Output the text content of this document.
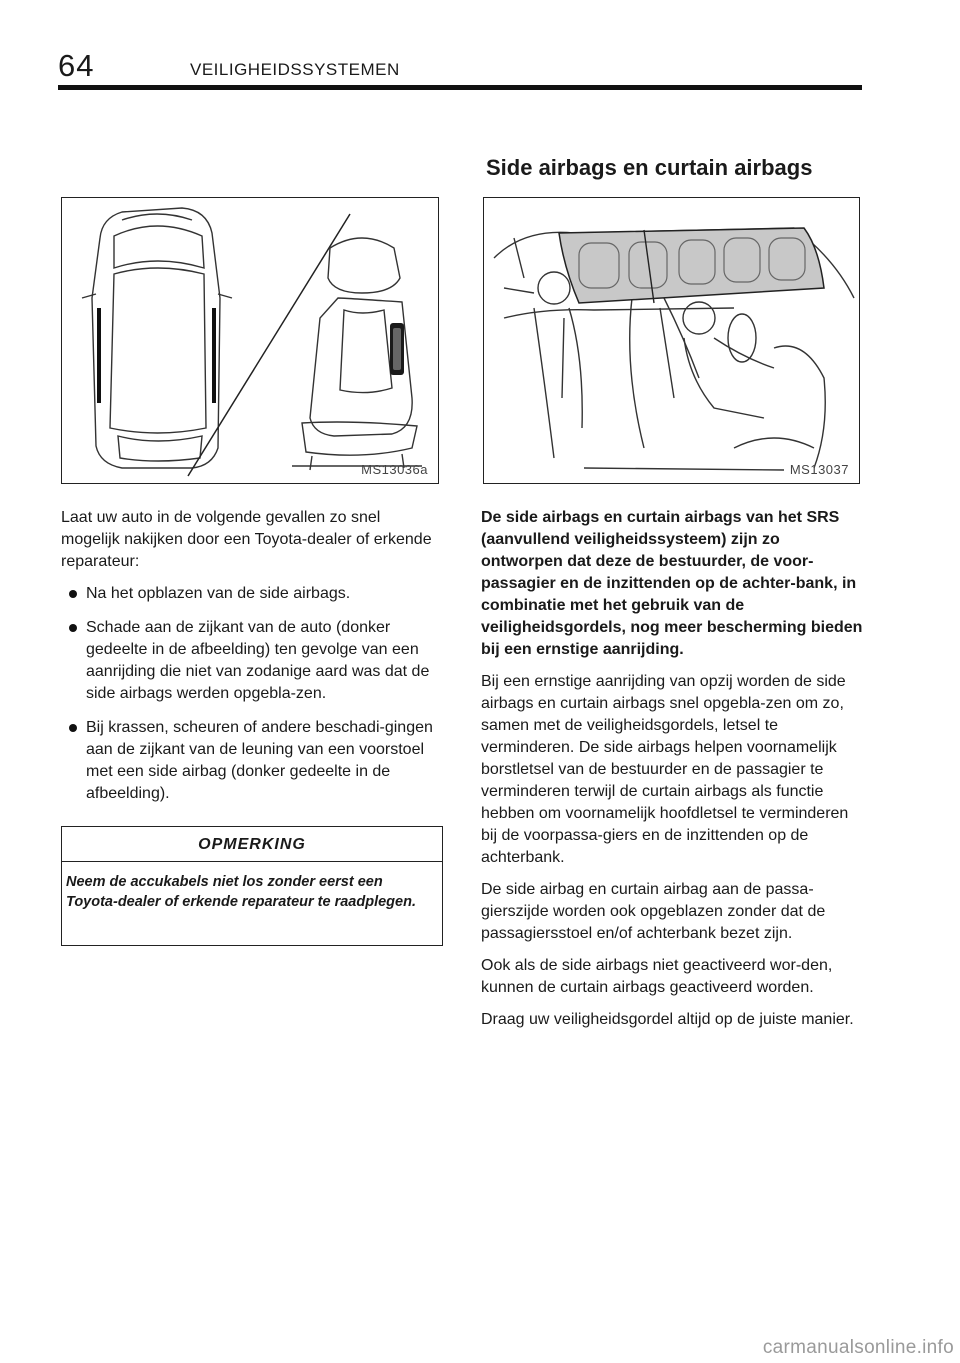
64	VEILIGHEIDSSYSTEMEN
Side airbags en curtain airbags
MS13036a	MS13037

Laat uw auto in de volgende gevallen zo snel mogelijk nakijken door een Toyota‑dealer of erkende reparateur:

Na het opblazen van de side airbags.
Schade aan de zijkant van de auto (donker gedeelte in de afbeelding) ten gevolge van een aanrijding die niet van zodanige aard was dat de side airbags werden opgebla-zen.
Bij krassen, scheuren of andere beschadi-gingen aan de zijkant van de leuning van een voorstoel met een side airbag (donker gedeelte in de afbeelding).
OPMERKING
Neem de accukabels niet los zonder eerst een Toyota‑dealer of erkende reparateur te raadplegen.

De side airbags en curtain airbags van het SRS (aanvullend veiligheidssysteem) zijn zo ontworpen dat deze de bestuurder, de voor-passagier en de inzittenden op de achter-bank, in combinatie met het gebruik van de veiligheidsgordels, nog meer bescherming bieden bij een ernstige aanrijding.

Bij een ernstige aanrijding van opzij worden de side airbags en curtain airbags snel opgebla-zen om zo, samen met de veiligheidsgordels, letsel te verminderen. De side airbags helpen voornamelijk borstletsel van de bestuurder en de passagier te verminderen terwijl de curtain airbags als functie hebben om voornamelijk hoofdletsel te verminderen bij de voorpassa-giers en de inzittenden op de achterbank.

De side airbag en curtain airbag aan de passa-gierszijde worden ook opgeblazen zonder dat de passagiersstoel en/of achterbank bezet zijn.

Ook als de side airbags niet geactiveerd wor-den, kunnen de curtain airbags geactiveerd worden.

Draag uw veiligheidsgordel altijd op de juiste manier.

carmanualsonline.info
